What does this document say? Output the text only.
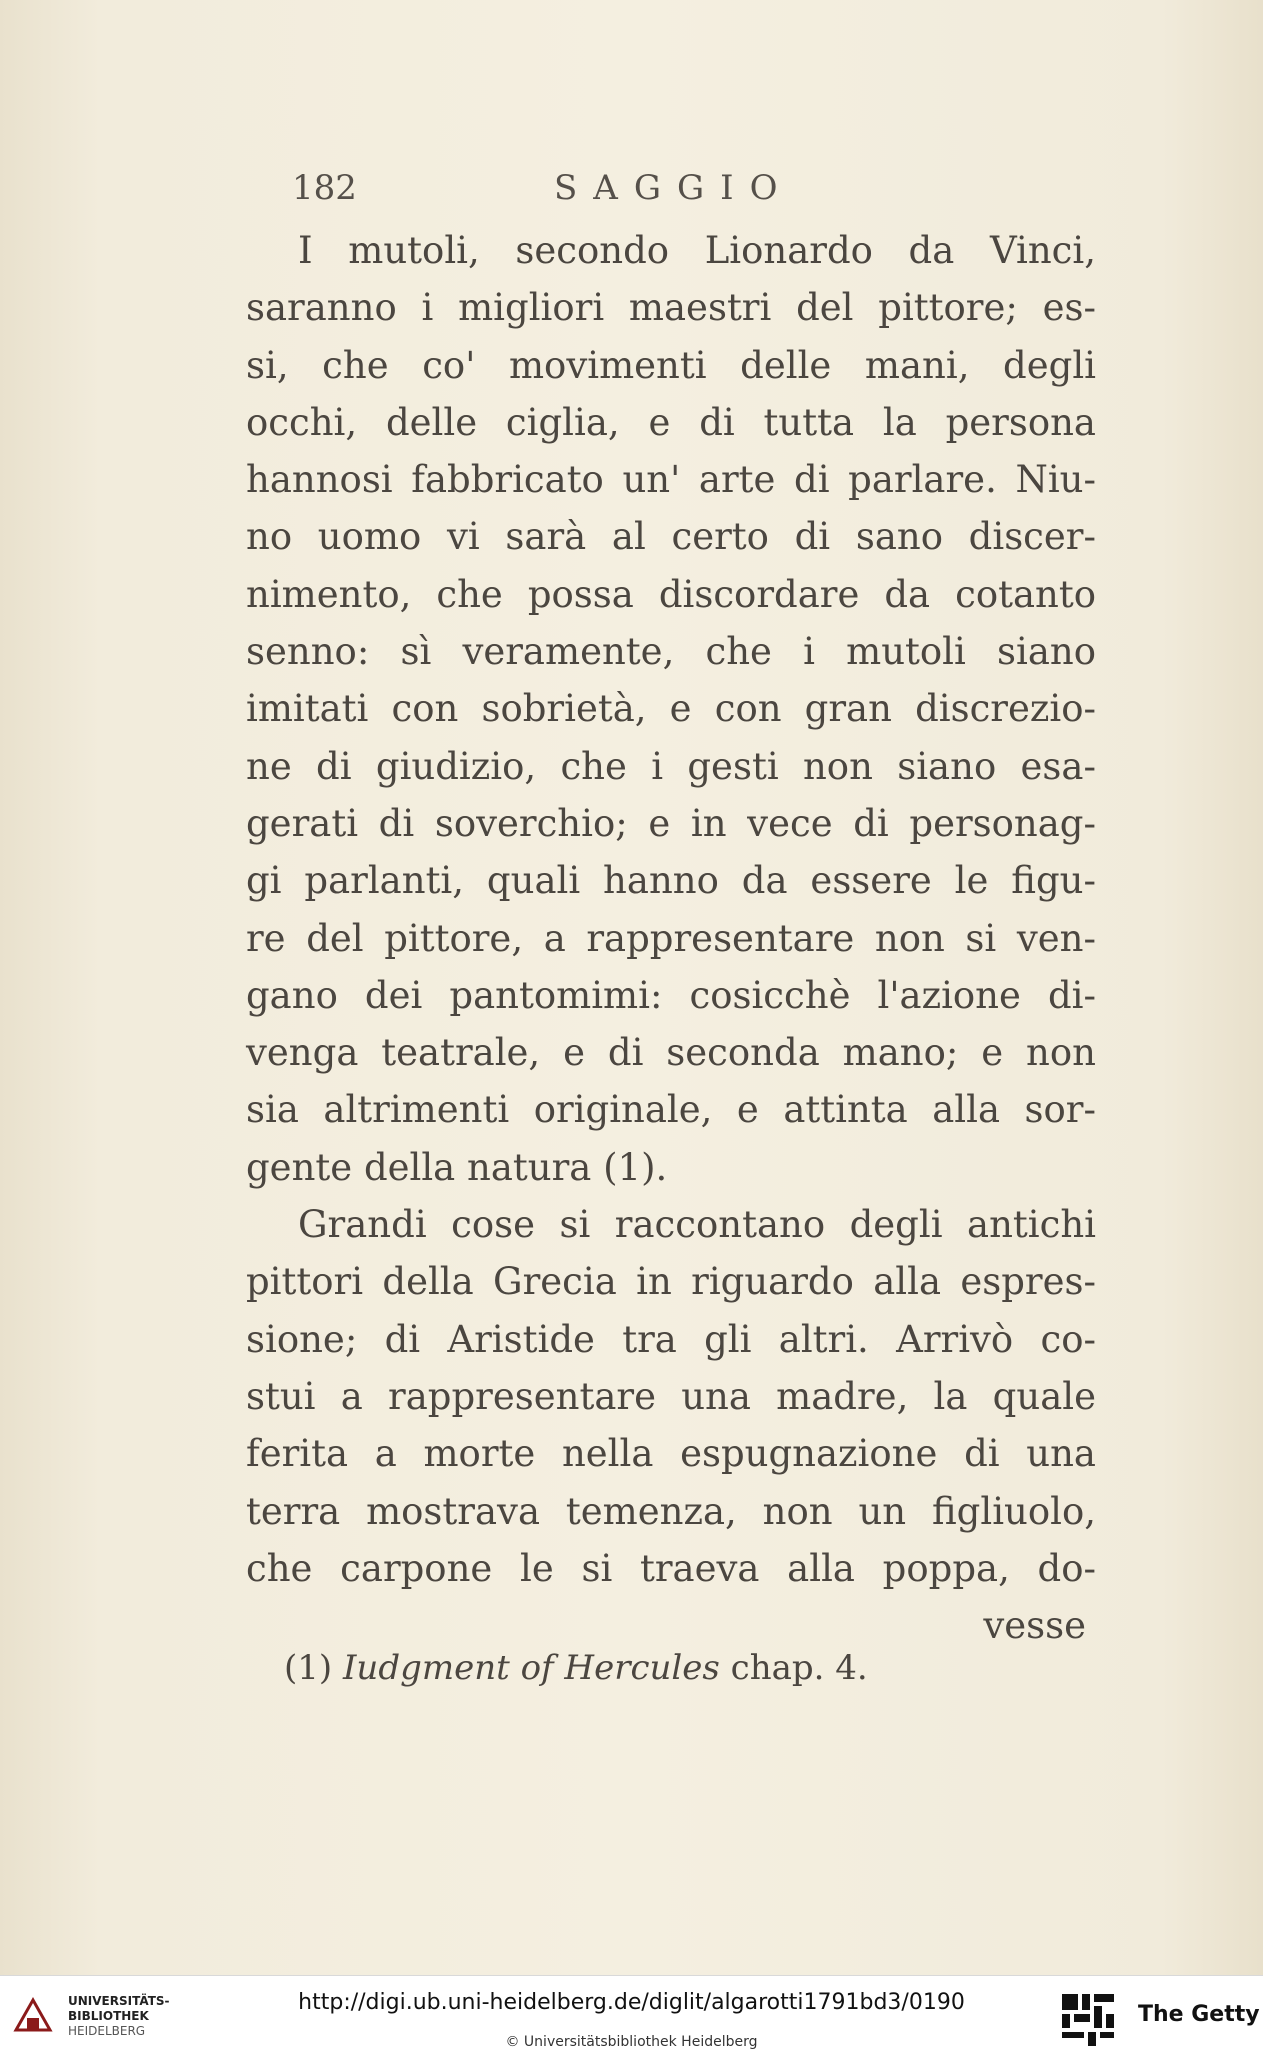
182	SAGGIO
I mutoli, secondo Lionardo da Vinci,
saranno i migliori maestri del pittore; es-
si, che co' movimenti delle mani, degli
occhi, delle ciglia, e di tutta la persona
hannosi fabbricato un' arte di parlare. Niu-
no uomo vi sarà al certo di sano discer-
nimento, che possa discordare da cotanto
senno: sì veramente, che i mutoli siano
imitati con sobrietà, e con gran discrezio-
ne di giudizio, che i gesti non siano esa-
gerati di soverchio; e in vece di personag-
gi parlanti, quali hanno da essere le figu-
re del pittore, a rappresentare non si ven-
gano dei pantomimi: cosicchè l'azione di-
venga teatrale, e di seconda mano; e non
sia altrimenti originale, e attinta alla sor-
gente della natura (1).
Grandi cose si raccontano degli antichi
pittori della Grecia in riguardo alla espres-
sione; di Aristide tra gli altri. Arrivò co-
stui a rappresentare una madre, la quale
ferita a morte nella espugnazione di una
terra mostrava temenza, non un figliuolo,
che carpone le si traeva alla poppa, do-
vesse
(1) Iudgment of Hercules chap. 4.
UNIVERSITÄTS-
BIBLIOTHEK
HEIDELBERG
http://digi.ub.uni-heidelberg.de/diglit/algarotti1791bd3/0190
© Universitätsbibliothek Heidelberg
The Getty
